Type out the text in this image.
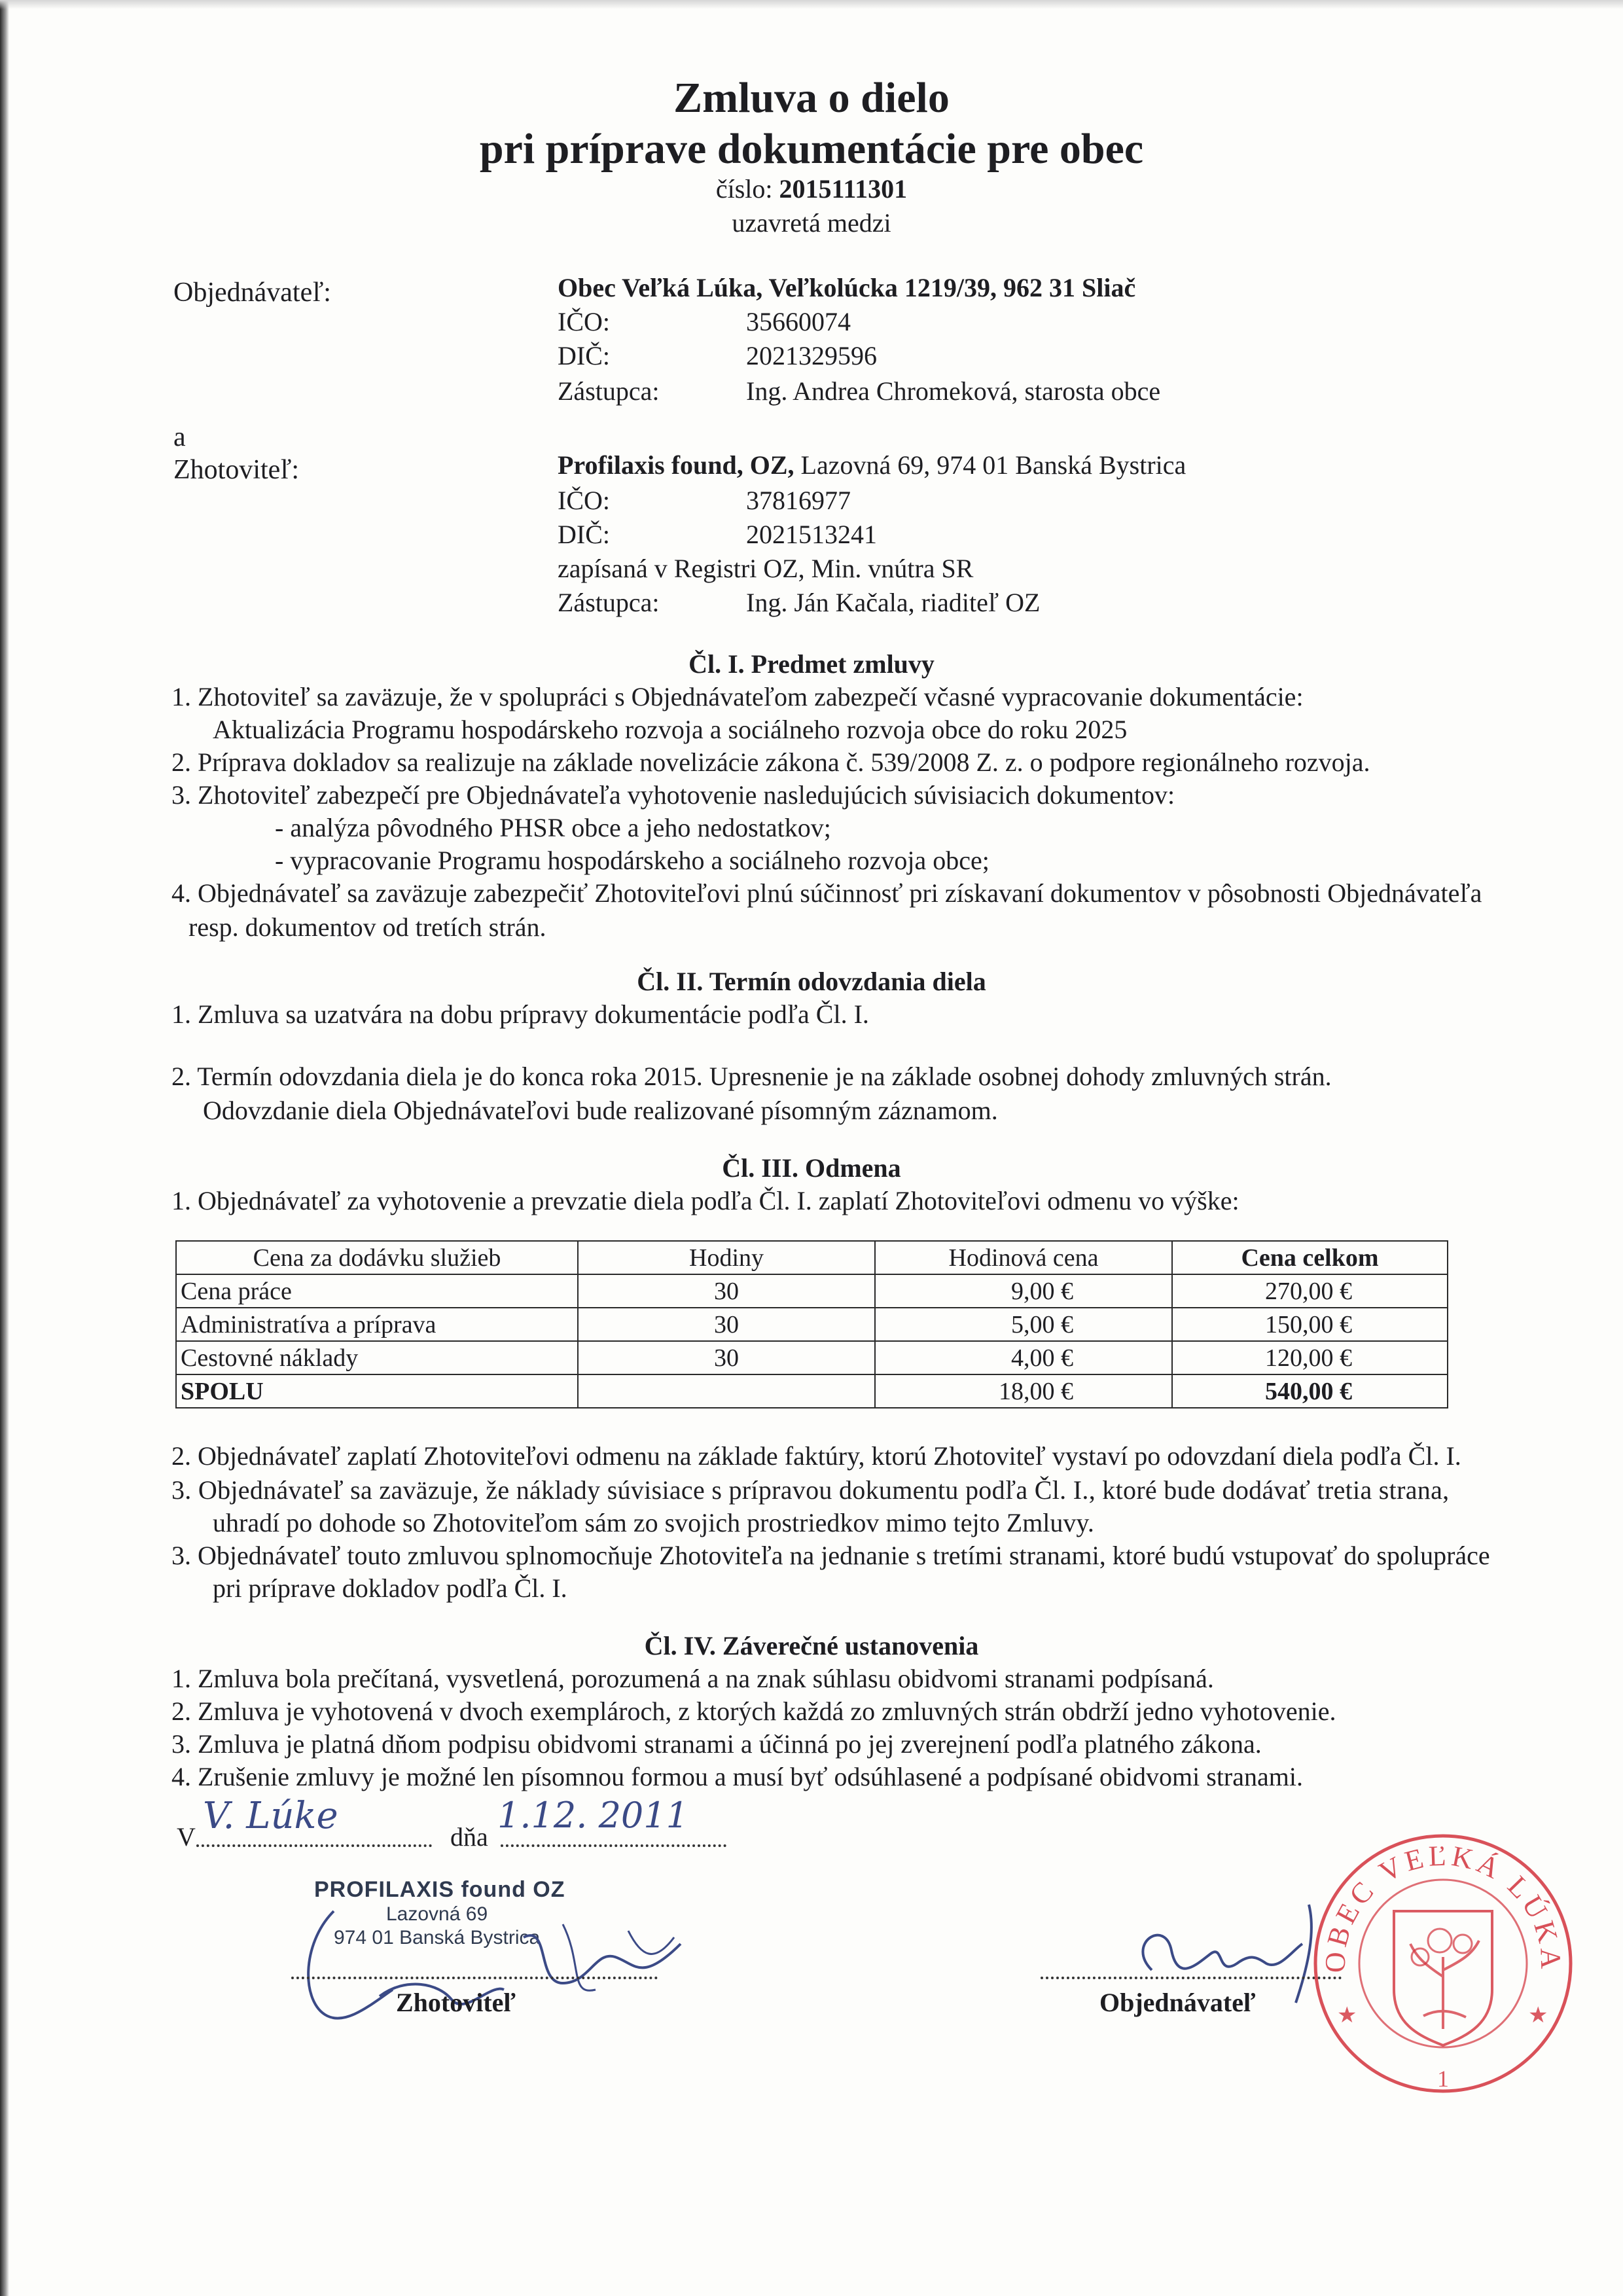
Zmluva o dielo
pri príprave dokumentácie pre obec
číslo: 2015111301
uzavretá medzi
Objednávateľ:	Obec Veľká Lúka, Veľkolúcka 1219/39, 962 31 Sliač
IČO:	35660074
DIČ:	2021329596
Zástupca:	Ing. Andrea Chromeková, starosta obce
a
Zhotoviteľ:	Profilaxis found, OZ, Lazovná 69, 974 01 Banská Bystrica
IČO:	37816977
DIČ:	2021513241
zapísaná v Registri OZ, Min. vnútra SR
Zástupca:	Ing. Ján Kačala, riaditeľ OZ
Čl. I. Predmet zmluvy
1. Zhotoviteľ sa zaväzuje, že v spolupráci s Objednávateľom zabezpečí včasné vypracovanie dokumentácie:
Aktualizácia Programu hospodárskeho rozvoja a sociálneho rozvoja obce do roku 2025
2. Príprava dokladov sa realizuje na základe novelizácie zákona č. 539/2008 Z. z. o podpore regionálneho rozvoja.
3. Zhotoviteľ zabezpečí pre Objednávateľa vyhotovenie nasledujúcich súvisiacich dokumentov:
- analýza pôvodného PHSR obce a jeho nedostatkov;
- vypracovanie Programu hospodárskeho a sociálneho rozvoja obce;
4. Objednávateľ sa zaväzuje zabezpečiť Zhotoviteľovi plnú súčinnosť pri získavaní dokumentov v pôsobnosti Objednávateľa
resp. dokumentov od tretích strán.
Čl. II. Termín odovzdania diela
1. Zmluva sa uzatvára na dobu prípravy dokumentácie podľa Čl. I.
2. Termín odovzdania diela je do konca roka 2015. Upresnenie je na základe osobnej dohody zmluvných strán.
Odovzdanie diela Objednávateľovi bude realizované písomným záznamom.
Čl. III. Odmena
1. Objednávateľ za vyhotovenie a prevzatie diela podľa Čl. I. zaplatí Zhotoviteľovi odmenu vo výške:
Cena za dodávku služieb	Hodiny	Hodinová cena	Cena celkom
Cena práce	30	9,00 €	270,00 €
Administratíva a príprava	30	5,00 €	150,00 €
Cestovné náklady	30	4,00 €	120,00 €
SPOLU		18,00 €	540,00 €
2. Objednávateľ zaplatí Zhotoviteľovi odmenu na základe faktúry, ktorú Zhotoviteľ vystaví po odovzdaní diela podľa Čl. I.
3. Objednávateľ sa zaväzuje, že náklady súvisiace s prípravou dokumentu podľa Čl. I., ktoré bude dodávať tretia strana,
uhradí po dohode so Zhotoviteľom sám zo svojich prostriedkov mimo tejto Zmluvy.
3. Objednávateľ touto zmluvou splnomocňuje Zhotoviteľa na jednanie s tretími stranami, ktoré budú vstupovať do spolupráce
pri príprave dokladov podľa Čl. I.
Čl. IV. Záverečné ustanovenia
1. Zmluva bola prečítaná, vysvetlená, porozumená a na znak súhlasu obidvomi stranami podpísaná.
2. Zmluva je vyhotovená v dvoch exemplároch, z ktorých každá zo zmluvných strán obdrží jedno vyhotovenie.
3. Zmluva je platná dňom podpisu obidvomi stranami a účinná po jej zverejnení podľa platného zákona.
4. Zrušenie zmluvy je možné len písomnou formou a musí byť odsúhlasené a podpísané obidvomi stranami.
V V. Lúke	dňa
1.12. 2011
PROFILAXIS found OZ
Lazovná 69
974 01 Banská Bystrica
Zhotoviteľ	Objednávateľ
OBEC VEĽKÁ LÚKA
★	★
1
